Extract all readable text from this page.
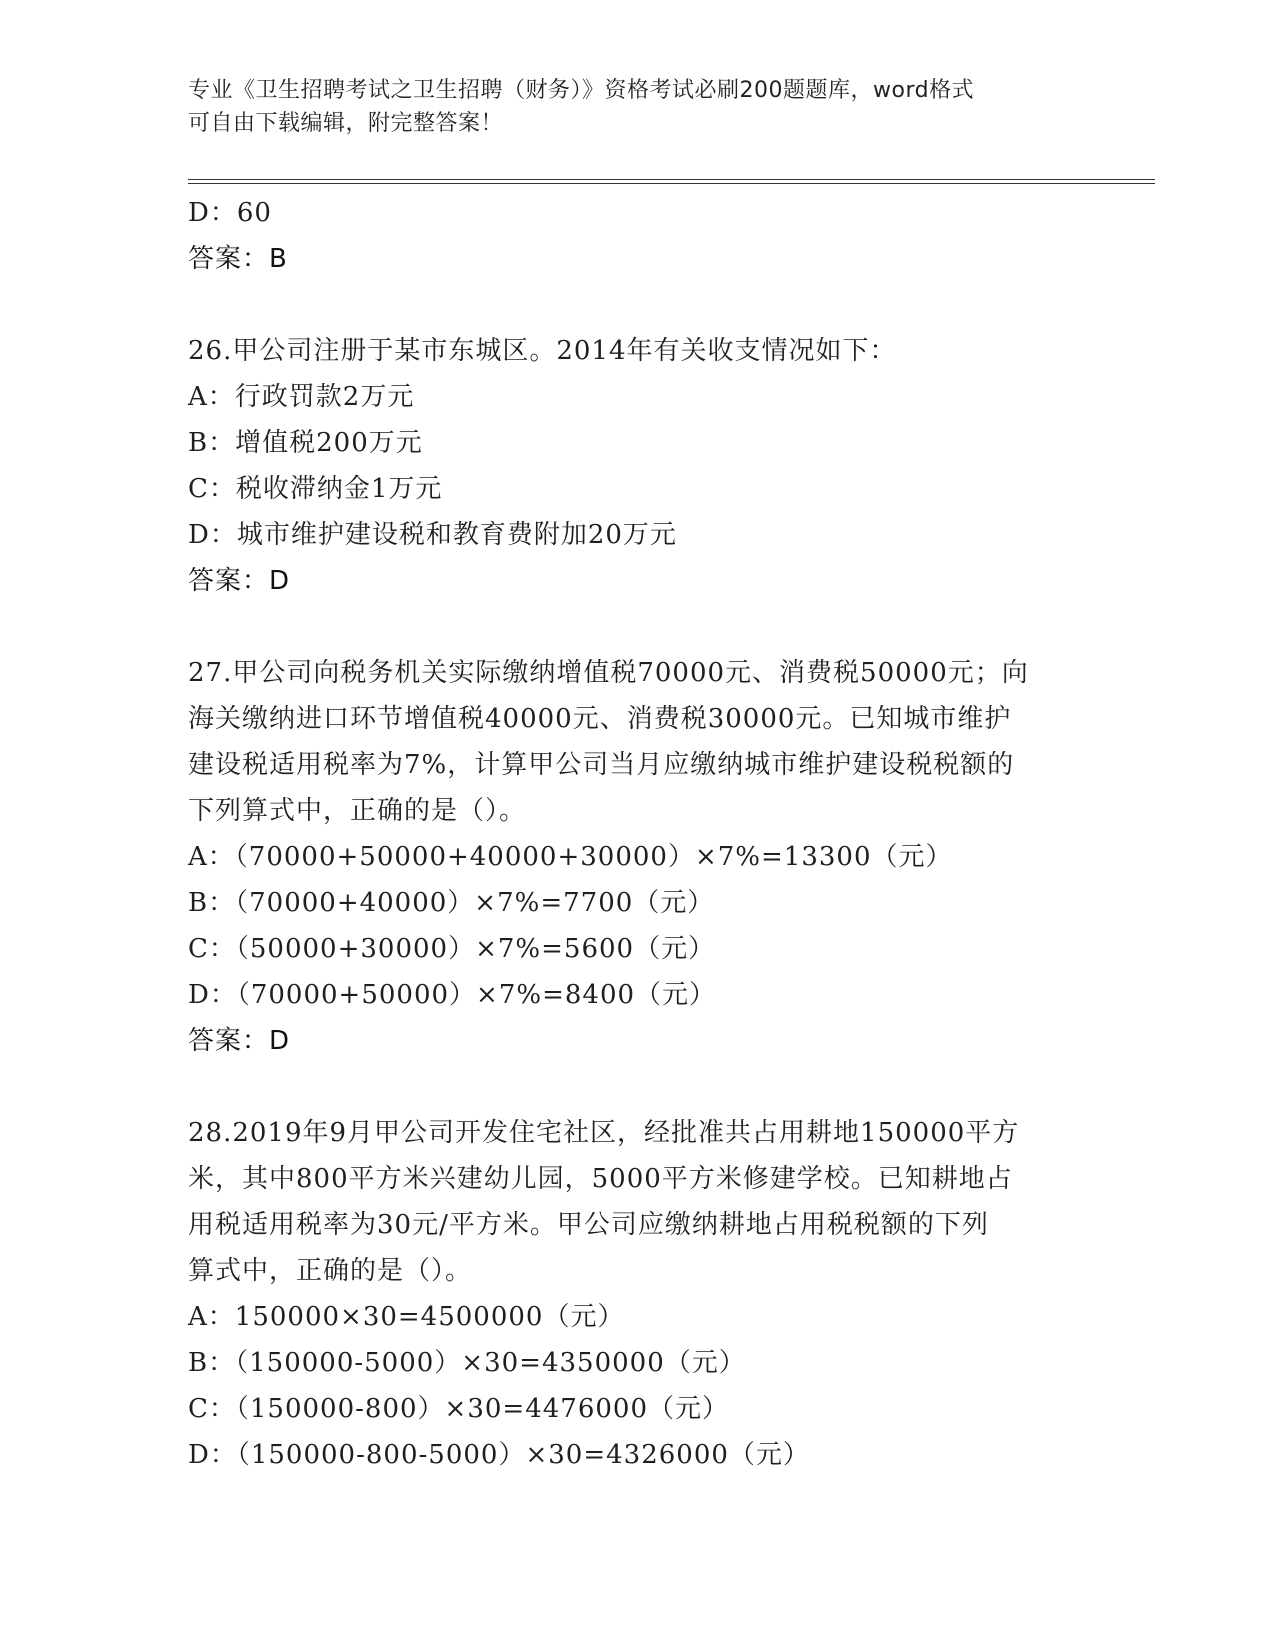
专业《卫生招聘考试之卫生招聘（财务）》资格考试必刷200题题库，word格式
可自由下载编辑，附完整答案！
D：60
答案：B
26.甲公司注册于某市东城区。2014年有关收支情况如下：
A：行政罚款2万元
B：增值税200万元
C：税收滞纳金1万元
D：城市维护建设税和教育费附加20万元
答案：D
27.甲公司向税务机关实际缴纳增值税70000元、消费税50000元；向
海关缴纳进口环节增值税40000元、消费税30000元。已知城市维护
建设税适用税率为7%，计算甲公司当月应缴纳城市维护建设税税额的
下列算式中，正确的是（）。
A：（70000+50000+40000+30000）×7%=13300（元）
B：（70000+40000）×7%=7700（元）
C：（50000+30000）×7%=5600（元）
D：（70000+50000）×7%=8400（元）
答案：D
28.2019年9月甲公司开发住宅社区，经批准共占用耕地150000平方
米，其中800平方米兴建幼儿园，5000平方米修建学校。已知耕地占
用税适用税率为30元/平方米。甲公司应缴纳耕地占用税税额的下列
算式中，正确的是（）。
A：150000×30=4500000（元）
B：（150000-5000）×30=4350000（元）
C：（150000-800）×30=4476000（元）
D：（150000-800-5000）×30=4326000（元）
